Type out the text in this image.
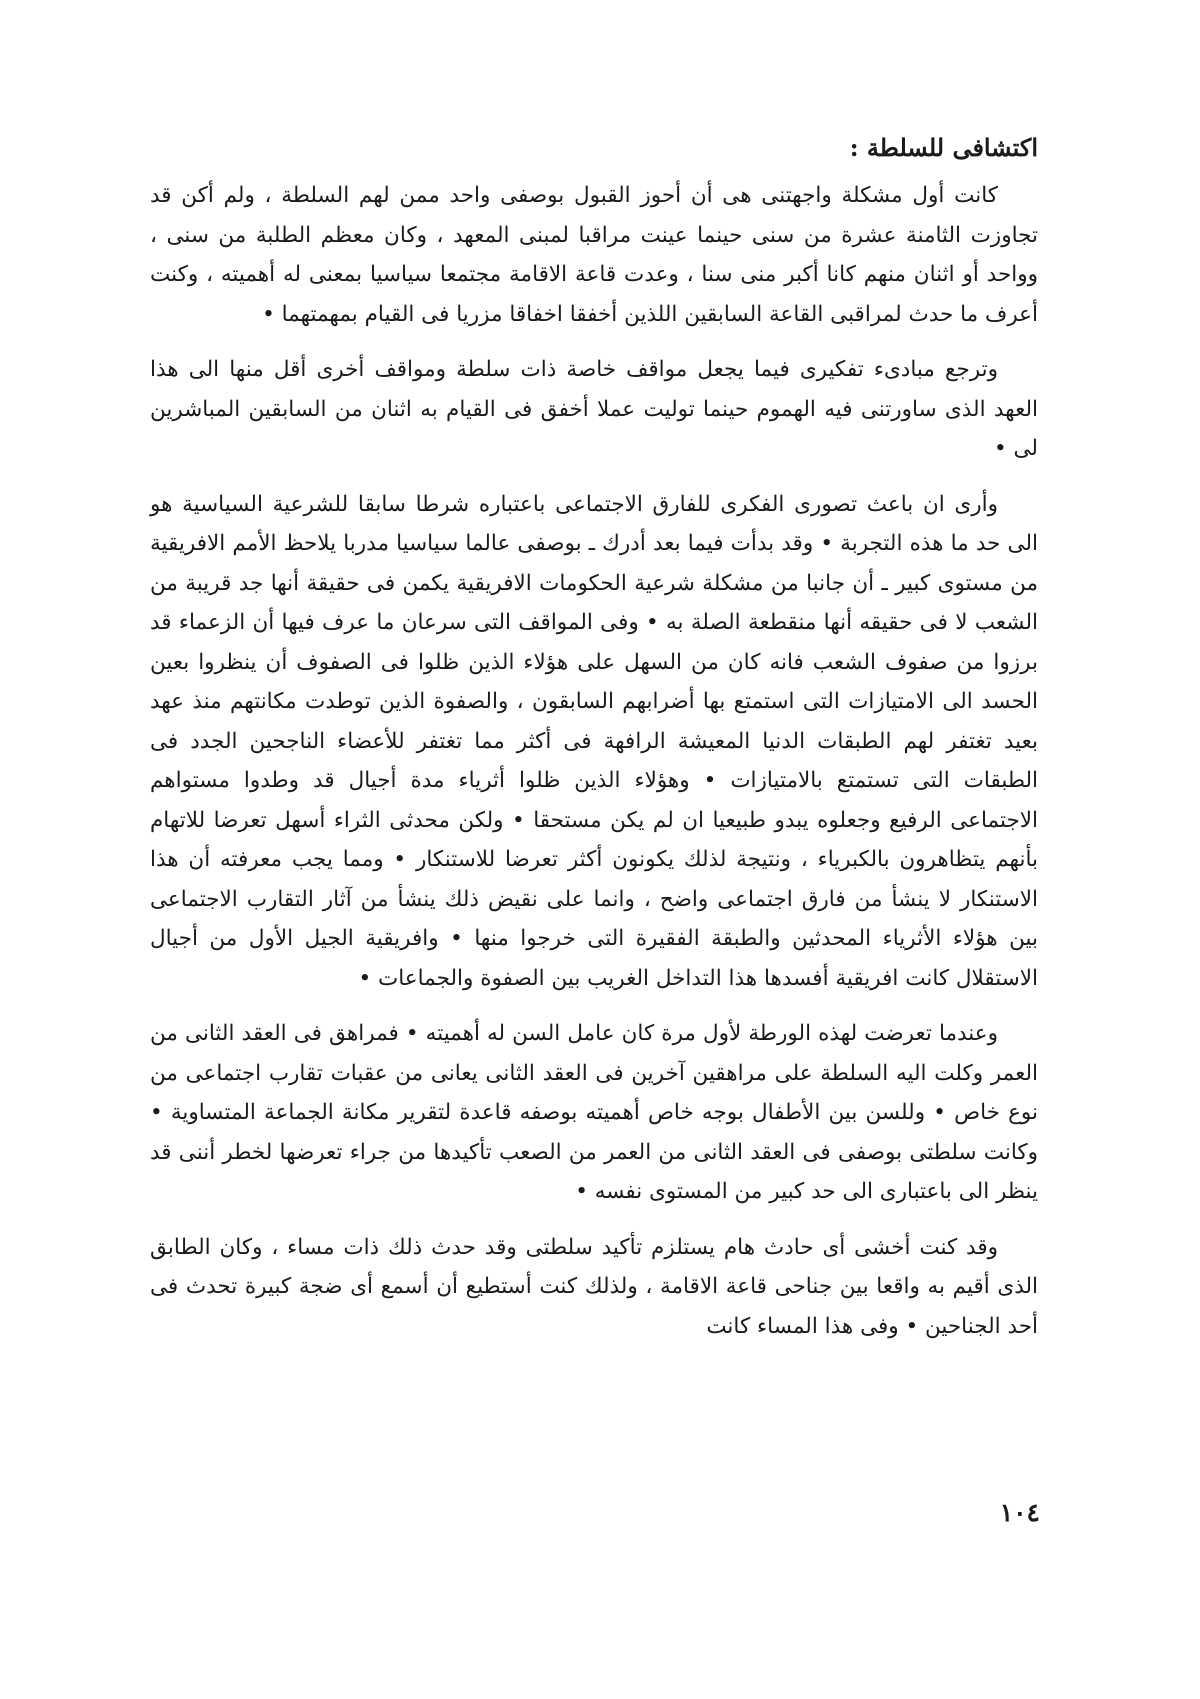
اكتشافى للسلطة :

كانت أول مشكلة واجهتنى هى أن أحوز القبول بوصفى واحد ممن لهم السلطة ، ولم أكن قد تجاوزت الثامنة عشرة من سنى حينما عينت مراقبا لمبنى المعهد ، وكان معظم الطلبة من سنى ، وواحد أو اثنان منهم كانا أكبر منى سنا ، وعدت قاعة الاقامة مجتمعا سياسيا بمعنى له أهميته ، وكنت أعرف ما حدث لمراقبى القاعة السابقين اللذين أخفقا اخفاقا مزريا فى القيام بمهمتهما •

وترجع مبادىء تفكيرى فيما يجعل مواقف خاصة ذات سلطة ومواقف أخرى أقل منها الى هذا العهد الذى ساورتنى فيه الهموم حينما توليت عملا أخفق فى القيام به اثنان من السابقين المباشرين لى •

وأرى ان باعث تصورى الفكرى للفارق الاجتماعى باعتباره شرطا سابقا للشرعية السياسية هو الى حد ما هذه التجربة • وقد بدأت فيما بعد أدرك ـ بوصفى عالما سياسيا مدربا يلاحظ الأمم الافريقية من مستوى كبير ـ أن جانبا من مشكلة شرعية الحكومات الافريقية يكمن فى حقيقة أنها جد قريبة من الشعب لا فى حقيقه أنها منقطعة الصلة به • وفى المواقف التى سرعان ما عرف فيها أن الزعماء قد برزوا من صفوف الشعب فانه كان من السهل على هؤلاء الذين ظلوا فى الصفوف أن ينظروا بعين الحسد الى الامتيازات التى استمتع بها أضرابهم السابقون ، والصفوة الذين توطدت مكانتهم منذ عهد بعيد تغتفر لهم الطبقات الدنيا المعيشة الرافهة فى أكثر مما تغتفر للأعضاء الناجحين الجدد فى الطبقات التى تستمتع بالامتيازات • وهؤلاء الذين ظلوا أثرياء مدة أجيال قد وطدوا مستواهم الاجتماعى الرفيع وجعلوه يبدو طبيعيا ان لم يكن مستحقا • ولكن محدثى الثراء أسهل تعرضا للاتهام بأنهم يتظاهرون بالكبرياء ، ونتيجة لذلك يكونون أكثر تعرضا للاستنكار • ومما يجب معرفته أن هذا الاستنكار لا ينشأ من فارق اجتماعى واضح ، وانما على نقيض ذلك ينشأ من آثار التقارب الاجتماعى بين هؤلاء الأثرياء المحدثين والطبقة الفقيرة التى خرجوا منها • وافريقية الجيل الأول من أجيال الاستقلال كانت افريقية أفسدها هذا التداخل الغريب بين الصفوة والجماعات •

وعندما تعرضت لهذه الورطة لأول مرة كان عامل السن له أهميته • فمراهق فى العقد الثانى من العمر وكلت اليه السلطة على مراهقين آخرين فى العقد الثانى يعانى من عقبات تقارب اجتماعى من نوع خاص • وللسن بين الأطفال بوجه خاص أهميته بوصفه قاعدة لتقرير مكانة الجماعة المتساوية • وكانت سلطتى بوصفى فى العقد الثانى من العمر من الصعب تأكيدها من جراء تعرضها لخطر أننى قد ينظر الى باعتبارى الى حد كبير من المستوى نفسه •

وقد كنت أخشى أى حادث هام يستلزم تأكيد سلطتى وقد حدث ذلك ذات مساء ، وكان الطابق الذى أقيم به واقعا بين جناحى قاعة الاقامة ، ولذلك كنت أستطيع أن أسمع أى ضجة كبيرة تحدث فى أحد الجناحين • وفى هذا المساء كانت

١٠٤
